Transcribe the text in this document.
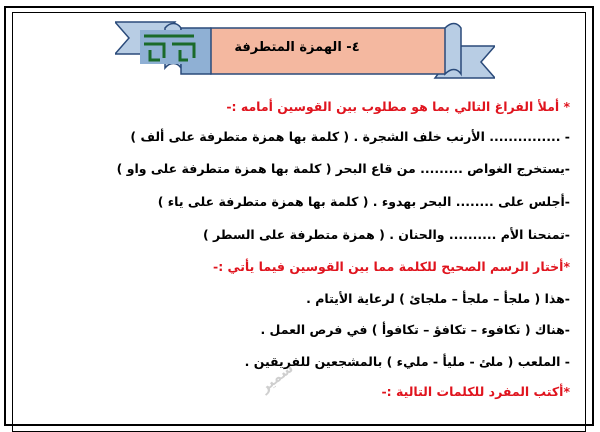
٤- الهمزة المتطرفة
* أملأ الفراغ التالي بما هو مطلوب بين القوسين أمامه :-
- ............... الأرنب خلف الشجرة . ( كلمة بها همزة متطرفة على ألف )
-يستخرج الغواص ......... من قاع البحر ( كلمة بها همزة متطرفة على واو )
-أجلس على ........ البحر بهدوء . ( كلمة بها همزة متطرفة على ياء )
-تمنحنا الأم .......... والحنان . ( همزة متطرفة على السطر )
*أختار الرسم الصحيح للكلمة مما بين القوسين فيما يأتي :-
-هذا ( ملجأ – ملجأ – ملجائ ) لرعاية الأيتام .
-هناك ( تكافوء – تكافؤ – تكافوأ ) في فرص العمل .
- الملعب ( ملئ - مليأ - مليء ) بالمشجعين للفريقين .
*أكتب المفرد للكلمات التالية :-
سمير
